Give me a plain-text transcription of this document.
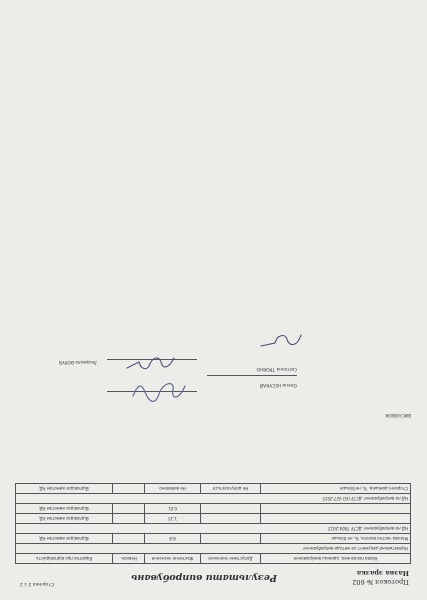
Протокол № 602
Сторінка 2 з 2
Назва зразка
Результати випробувань
Назва показника, одиниці вимірювання	Допустиме значення	Фактичне значення	Невизн.	Відмітка про відповідність
Нормативний документ на методи випробування				
Масова частка вологи, %, не більше		8,8		Відповідає вимогам НД
НД на випробування: ДСТУ 7804:2015				
		1,15		Відповідає вимогам НД
		0,01		Відповідає вимогам НД
НД на випробування: ДСТУ ISO 927:2015				
Сторонні домішки, %, не більше	Не допускається	Не виявлено		Відповідає вимогам НД
ВИСНОВОК
Олена НЕСУКАЙ
Світлана ТРОЯНО
Людмила ВОРУЯ
